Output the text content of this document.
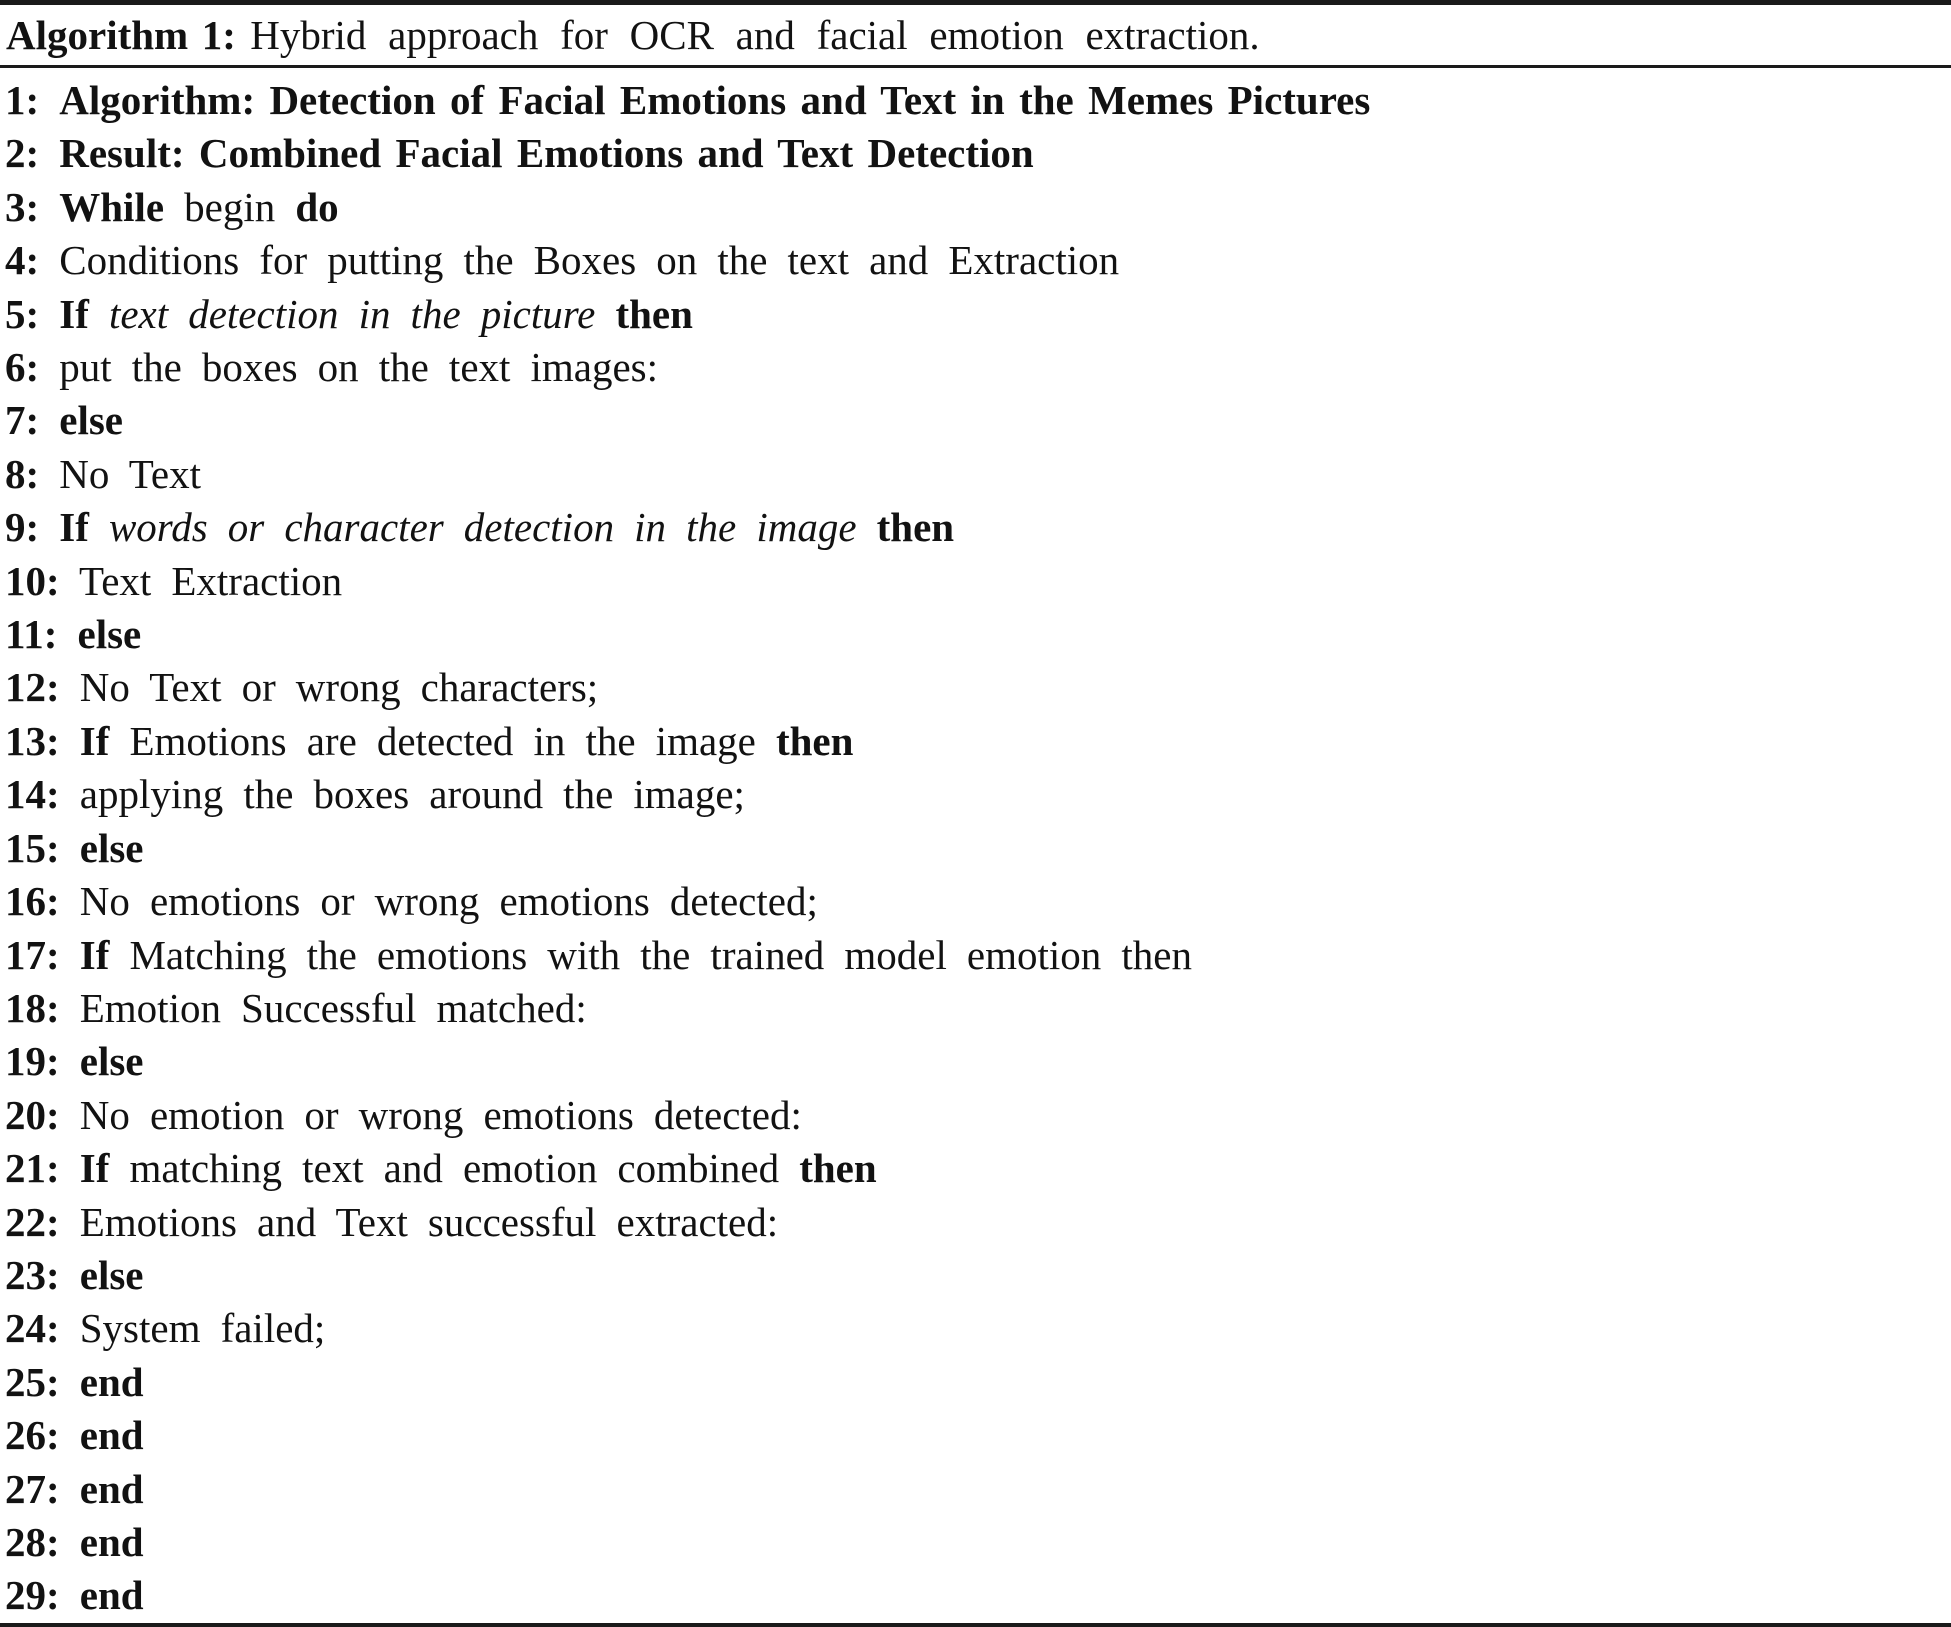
Algorithm 1: Hybrid approach for OCR and facial emotion extraction.
1: Algorithm: Detection of Facial Emotions and Text in the Memes Pictures
2: Result: Combined Facial Emotions and Text Detection
3: While begin do
4: Conditions for putting the Boxes on the text and Extraction
5: If text detection in the picture then
6: put the boxes on the text images:
7: else
8: No Text
9: If words or character detection in the image then
10: Text Extraction
11: else
12: No Text or wrong characters;
13: If Emotions are detected in the image then
14: applying the boxes around the image;
15: else
16: No emotions or wrong emotions detected;
17: If Matching the emotions with the trained model emotion then
18: Emotion Successful matched:
19: else
20: No emotion or wrong emotions detected:
21: If matching text and emotion combined then
22: Emotions and Text successful extracted:
23: else
24: System failed;
25: end
26: end
27: end
28: end
29: end
